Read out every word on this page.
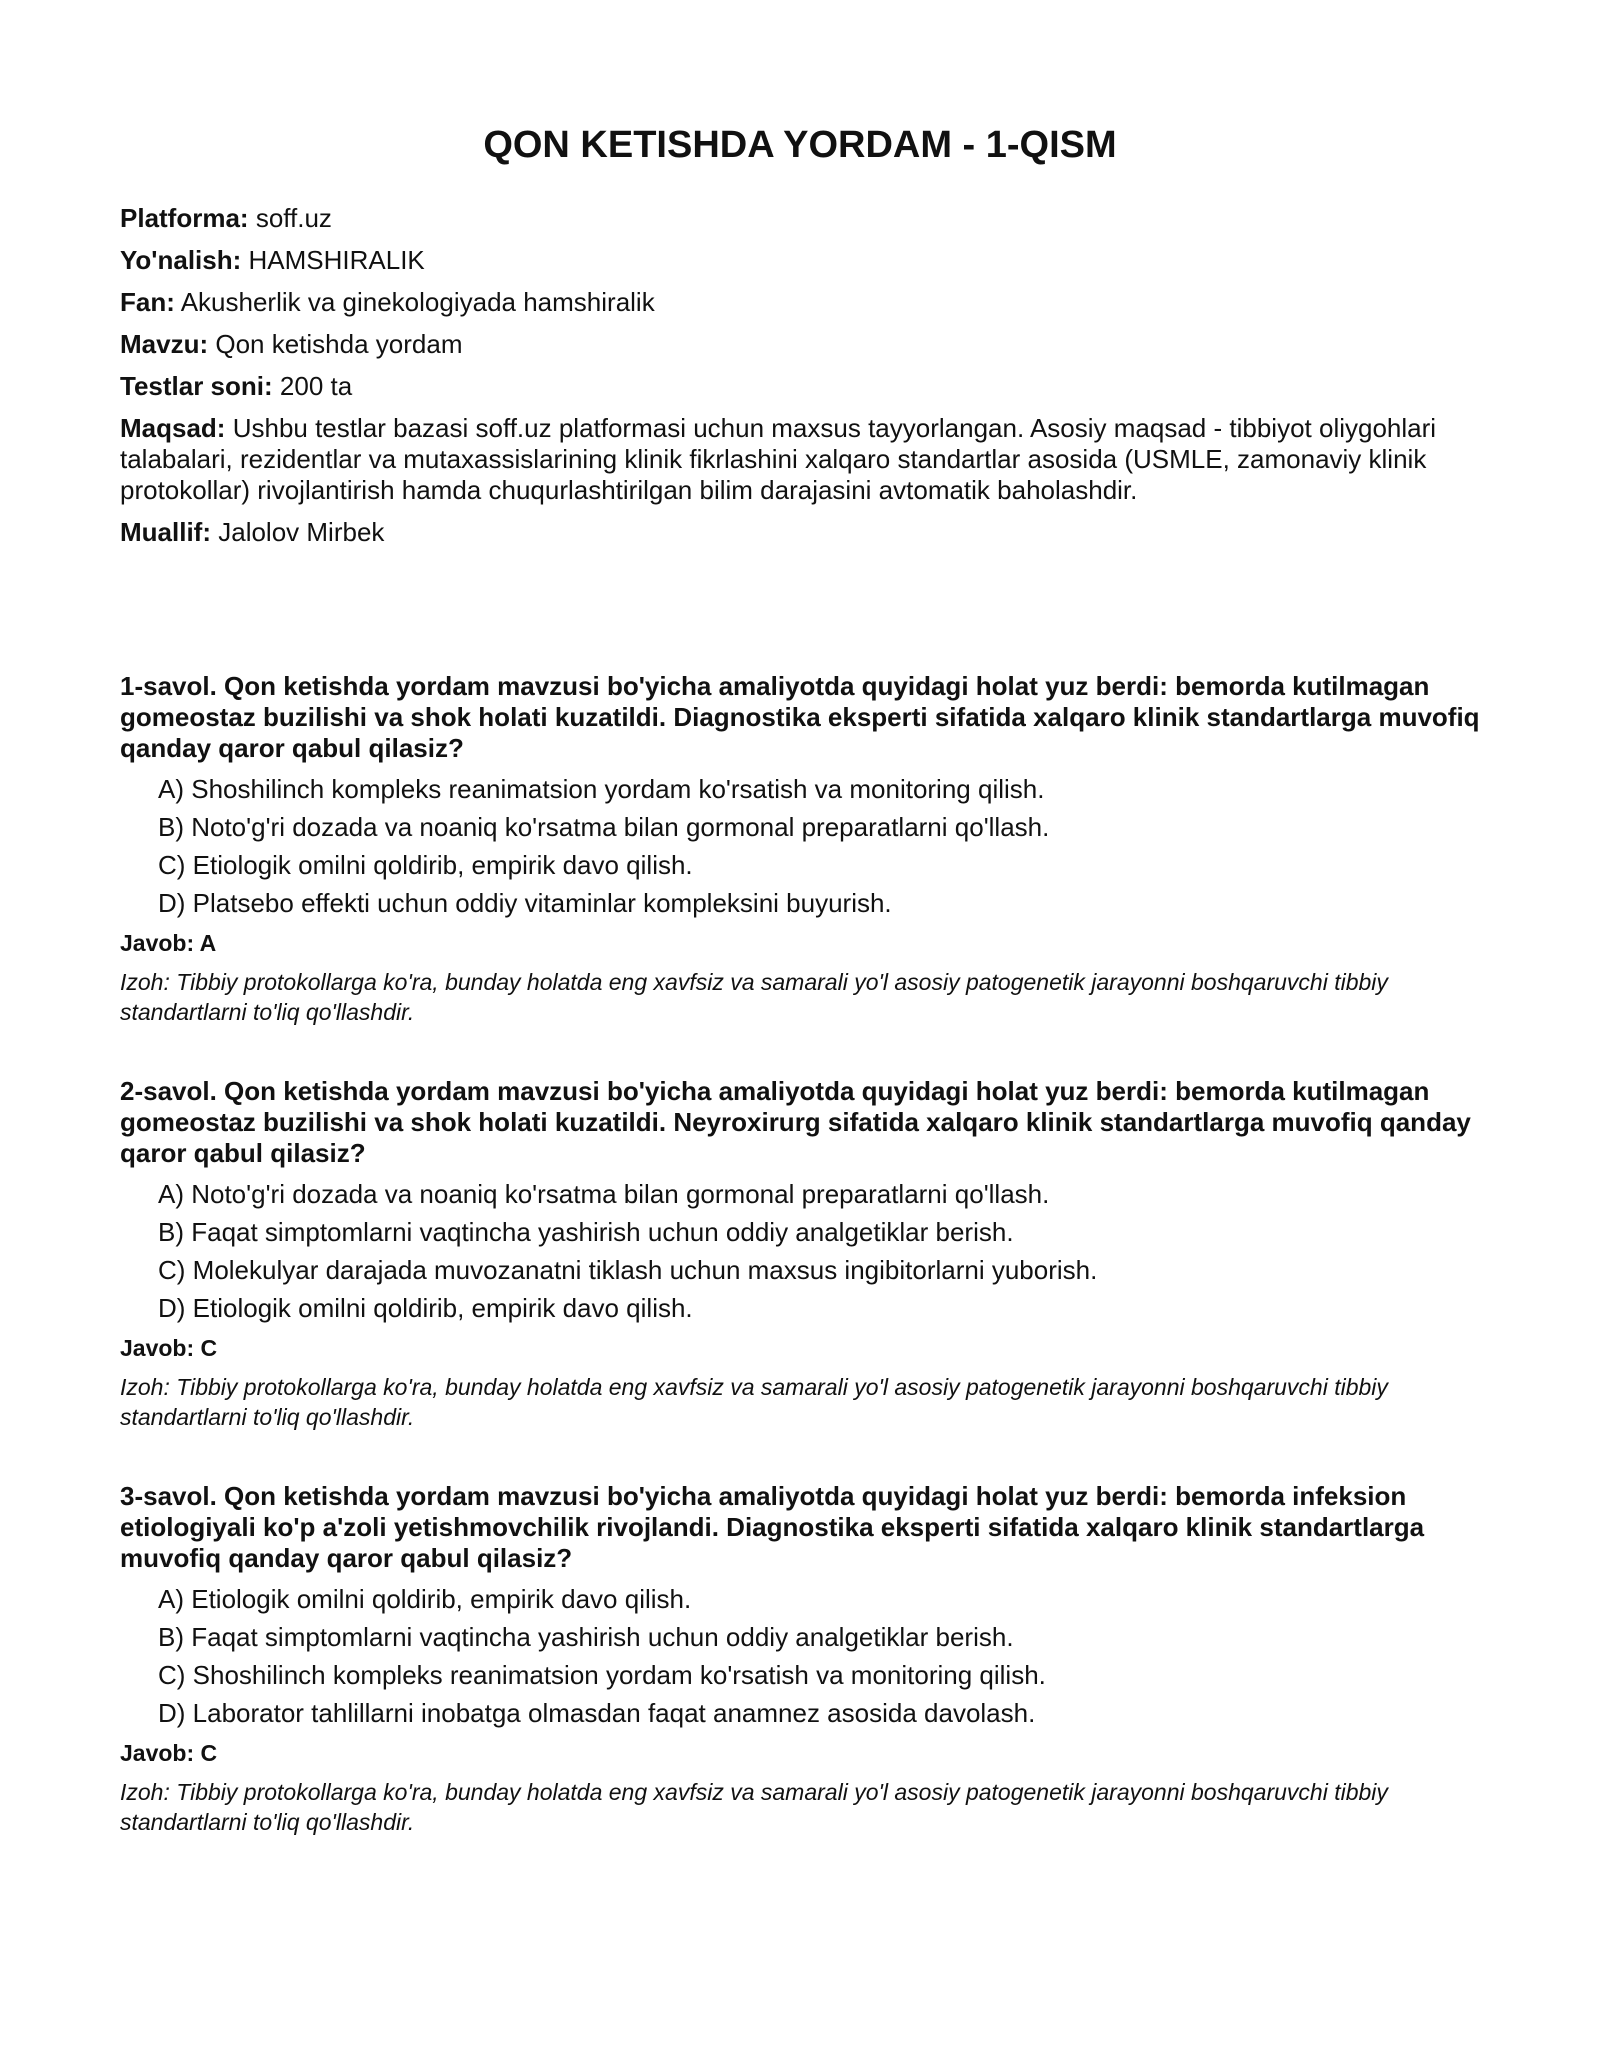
QON KETISHDA YORDAM - 1-QISM
Platforma: soff.uz
Yo'nalish: HAMSHIRALIK
Fan: Akusherlik va ginekologiyada hamshiralik
Mavzu: Qon ketishda yordam
Testlar soni: 200 ta
Maqsad: Ushbu testlar bazasi soff.uz platformasi uchun maxsus tayyorlangan. Asosiy maqsad - tibbiyot oliygohlari talabalari, rezidentlar va mutaxassislarining klinik fikrlashini xalqaro standartlar asosida (USMLE, zamonaviy klinik protokollar) rivojlantirish hamda chuqurlashtirilgan bilim darajasini avtomatik baholashdir.
Muallif: Jalolov Mirbek
1-savol. Qon ketishda yordam mavzusi bo'yicha amaliyotda quyidagi holat yuz berdi: bemorda kutilmagan gomeostaz buzilishi va shok holati kuzatildi. Diagnostika eksperti sifatida xalqaro klinik standartlarga muvofiq qanday qaror qabul qilasiz?
A) Shoshilinch kompleks reanimatsion yordam ko'rsatish va monitoring qilish.
B) Noto'g'ri dozada va noaniq ko'rsatma bilan gormonal preparatlarni qo'llash.
C) Etiologik omilni qoldirib, empirik davo qilish.
D) Platsebo effekti uchun oddiy vitaminlar kompleksini buyurish.
Javob: A
Izoh: Tibbiy protokollarga ko'ra, bunday holatda eng xavfsiz va samarali yo'l asosiy patogenetik jarayonni boshqaruvchi tibbiy standartlarni to'liq qo'llashdir.
2-savol. Qon ketishda yordam mavzusi bo'yicha amaliyotda quyidagi holat yuz berdi: bemorda kutilmagan gomeostaz buzilishi va shok holati kuzatildi. Neyroxirurg sifatida xalqaro klinik standartlarga muvofiq qanday qaror qabul qilasiz?
A) Noto'g'ri dozada va noaniq ko'rsatma bilan gormonal preparatlarni qo'llash.
B) Faqat simptomlarni vaqtincha yashirish uchun oddiy analgetiklar berish.
C) Molekulyar darajada muvozanatni tiklash uchun maxsus ingibitorlarni yuborish.
D) Etiologik omilni qoldirib, empirik davo qilish.
Javob: C
Izoh: Tibbiy protokollarga ko'ra, bunday holatda eng xavfsiz va samarali yo'l asosiy patogenetik jarayonni boshqaruvchi tibbiy standartlarni to'liq qo'llashdir.
3-savol. Qon ketishda yordam mavzusi bo'yicha amaliyotda quyidagi holat yuz berdi: bemorda infeksion etiologiyali ko'p a'zoli yetishmovchilik rivojlandi. Diagnostika eksperti sifatida xalqaro klinik standartlarga muvofiq qanday qaror qabul qilasiz?
A) Etiologik omilni qoldirib, empirik davo qilish.
B) Faqat simptomlarni vaqtincha yashirish uchun oddiy analgetiklar berish.
C) Shoshilinch kompleks reanimatsion yordam ko'rsatish va monitoring qilish.
D) Laborator tahlillarni inobatga olmasdan faqat anamnez asosida davolash.
Javob: C
Izoh: Tibbiy protokollarga ko'ra, bunday holatda eng xavfsiz va samarali yo'l asosiy patogenetik jarayonni boshqaruvchi tibbiy standartlarni to'liq qo'llashdir.
